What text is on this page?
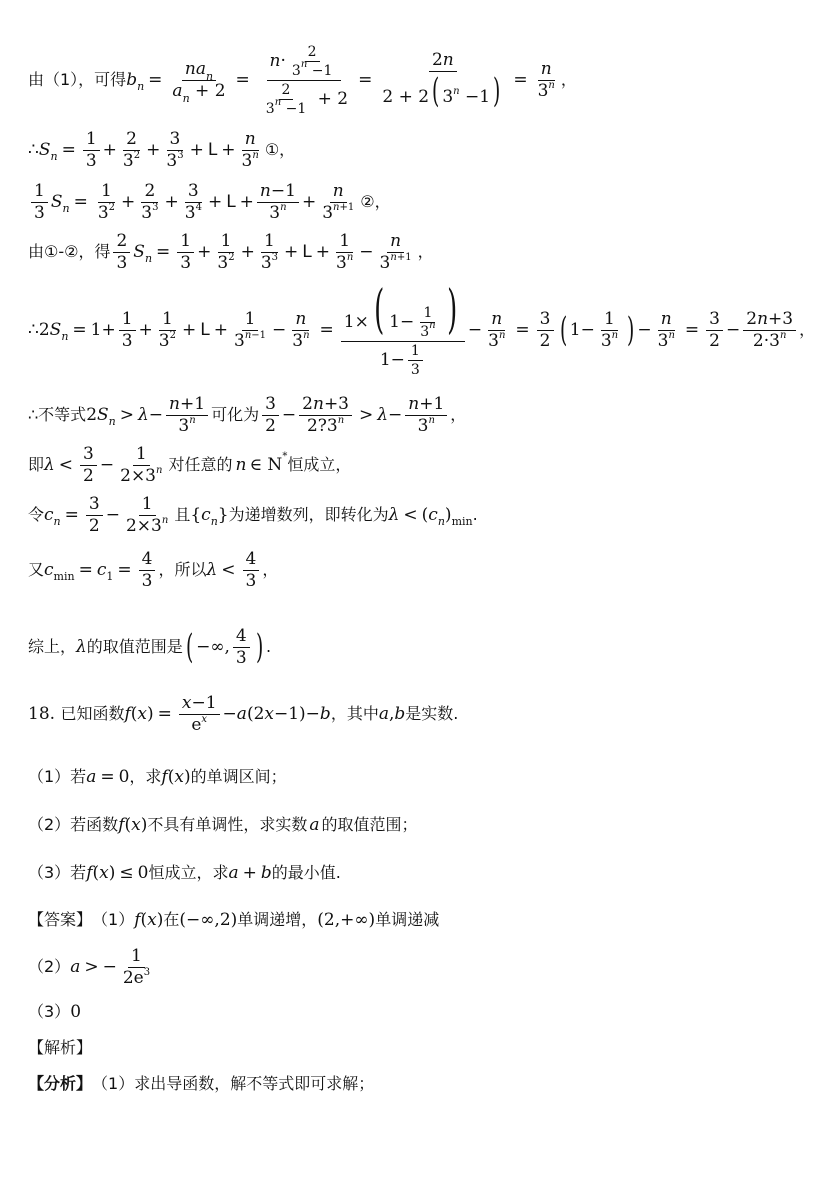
由（1），可得 b $n = \frac{na_n}{a_n + 2} = \frac{n\cdot \frac{2}{3^n -1}}{\frac{2}{3^n -1} + 2} = \frac{2n}{2 + 2( 3^n -1)} = \frac{n}{3^n}$ ，
∴ S $n = \frac{1}{3} + \frac{2}{3^2} + \frac{3}{3^3} + L + \frac{n}{3^n}$ ①，
$\frac{1}{3}$ S $n = \frac{1}{3^2} + \frac{2}{3^3} + \frac{3}{3^4} + L + \frac{n-1}{3^n} + \frac{n}{3^{n+1}}$ ②，
由①-②，得 $\frac{2}{3}$ S $n = \frac{1}{3} + \frac{1}{3^2} + \frac{1}{3^3} + L + \frac{1}{3^n} - \frac{n}{3^{n+1}}$ ，
∴ 2 S $n = 1+ \frac{1}{3} + \frac{1}{3^2} + L + \frac{1}{3^{n-1}} - \frac{n}{3^n} = \frac{1\times( 1- \frac{1}{3^n} )}{1- \frac{1}{3}} - \frac{n}{3^n} = \frac{3}{2}$ ( $1- \frac{1}{3^n}$ ) − $\frac{n}{3^n} = \frac{3}{2} - \frac{2n+3}{2\cdot 3^n}$ ，
∴不等式 2 S $n > \lambda - \frac{n+1}{3^n}$ 可化为 $\frac{3}{2} - \frac{2n+3}{2?3^n} > \lambda - \frac{n+1}{3^n}$ ，
即 $\lambda < \frac{3}{2} - \frac{1}{2\times 3^n}$ 对任意的 n ∈ N * 恒成立，
令 c $n = \frac{3}{2} - \frac{1}{2\times 3^n}$ 且 { c n } 为递增数列，即转化为 λ < ( c n ) min .
又 c min = c $1 = \frac{4}{3}$ ，所以 $\lambda < \frac{4}{3}$ ，
综上， λ 的取值范围是 ( −∞, $\frac{4}{3}$ ) .
18.
已知函数 f ( x ) = $\frac{x-1}{e^x} - a$ (2 x −1)− b ，其中 a , b 是实数.
（1）若 a = 0 ，求 f ( x ) 的单调区间；
（2）若函数 f ( x ) 不具有单调性，求实数 a 的取值范围；
（3）若 f ( x ) ≤ 0 恒成立，求 a + b 的最小值.
【答案】 （1） f ( x ) 在 (−∞,2) 单调递增， (2,+∞) 单调递减
（2） a > − $\frac{1}{2e^3}$
（3） 0
【解析】
【分析】 （1）求出导函数，解不等式即可求解；
